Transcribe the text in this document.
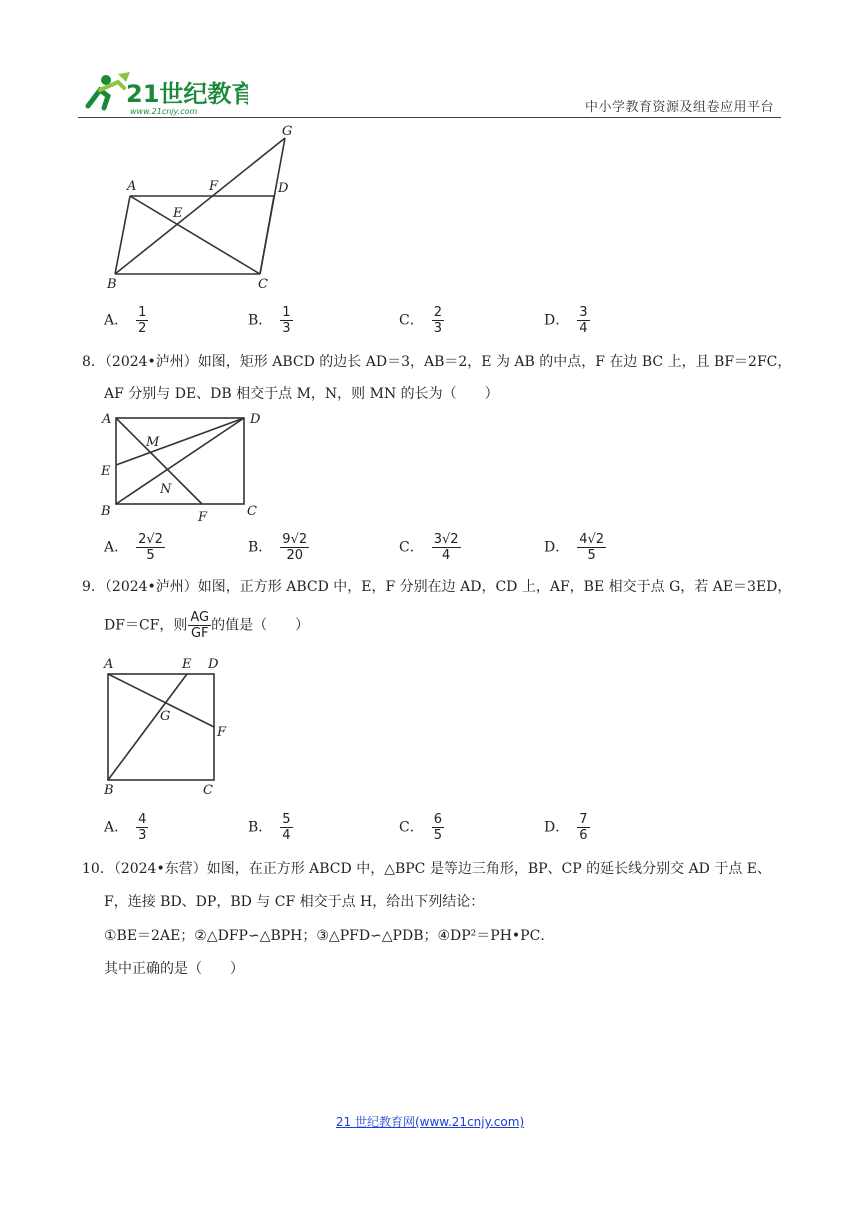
21世纪教育
www.21cnjy.com	中小学教育资源及组卷应用平台
G
A	F	D
E
B	C
A． $\frac{1}{2}$	B． $\frac{1}{3}$	C． $\frac{2}{3}$	D． $\frac{3}{4}$
8．（2024•泸州）如图，矩形 ABCD 的边长 AD＝3，AB＝2，E 为 AB 的中点，F 在边 BC 上，且 BF＝2FC，
AF 分别与 DE、DB 相交于点 M，N，则 MN 的长为（　　）
A	D
M
E
N
B	F	C
A． $\frac{2√2}{5}$	B． $\frac{9√2}{20}$	C． $\frac{3√2}{4}$	D． $\frac{4√2}{5}$
9．（2024•泸州）如图，正方形 ABCD 中，E，F 分别在边 AD，CD 上，AF，BE 相交于点 G，若 AE＝3ED，
DF＝CF，则 $\frac{AG}{GF}$ 的值是（　　）
A	E D
G
F
B	C
A． $\frac{4}{3}$	B． $\frac{5}{4}$	C． $\frac{6}{5}$	D． $\frac{7}{6}$
10．（2024•东营）如图，在正方形 ABCD 中，△BPC 是等边三角形，BP、CP 的延长线分别交 AD 于点 E、
F，连接 BD、DP，BD 与 CF 相交于点 H，给出下列结论：
①BE＝2AE；②△DFP∽△BPH；③△PFD∽△PDB；④DP²＝PH•PC．
其中正确的是（　　）
21 世纪教育网(www.21cnjy.com)
